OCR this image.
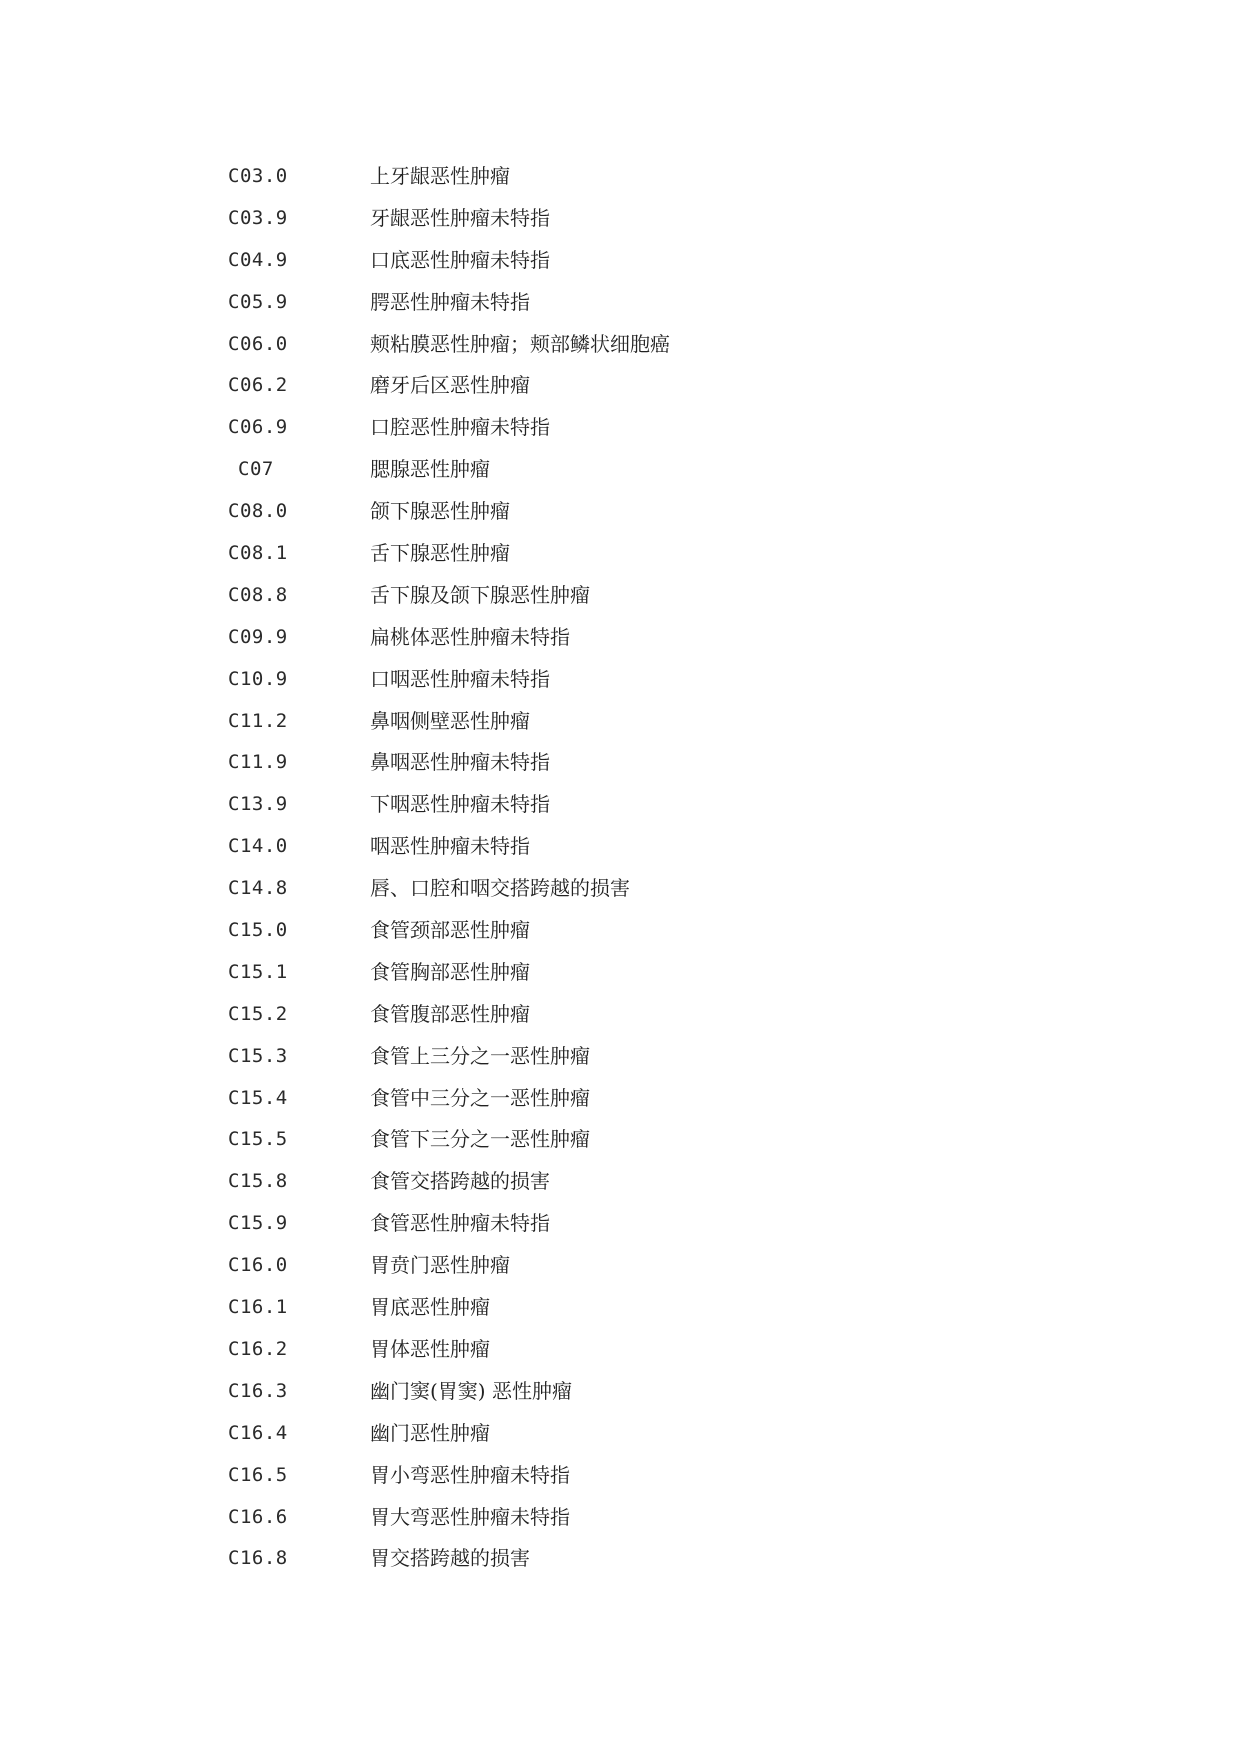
C03.0	上牙龈恶性肿瘤
C03.9	牙龈恶性肿瘤未特指
C04.9	口底恶性肿瘤未特指
C05.9	腭恶性肿瘤未特指
C06.0	颊粘膜恶性肿瘤；颊部鳞状细胞癌
C06.2	磨牙后区恶性肿瘤
C06.9	口腔恶性肿瘤未特指
C07	腮腺恶性肿瘤
C08.0	颌下腺恶性肿瘤
C08.1	舌下腺恶性肿瘤
C08.8	舌下腺及颌下腺恶性肿瘤
C09.9	扁桃体恶性肿瘤未特指
C10.9	口咽恶性肿瘤未特指
C11.2	鼻咽侧壁恶性肿瘤
C11.9	鼻咽恶性肿瘤未特指
C13.9	下咽恶性肿瘤未特指
C14.0	咽恶性肿瘤未特指
C14.8	唇、口腔和咽交搭跨越的损害
C15.0	食管颈部恶性肿瘤
C15.1	食管胸部恶性肿瘤
C15.2	食管腹部恶性肿瘤
C15.3	食管上三分之一恶性肿瘤
C15.4	食管中三分之一恶性肿瘤
C15.5	食管下三分之一恶性肿瘤
C15.8	食管交搭跨越的损害
C15.9	食管恶性肿瘤未特指
C16.0	胃贲门恶性肿瘤
C16.1	胃底恶性肿瘤
C16.2	胃体恶性肿瘤
C16.3	幽门窦(胃窦) 恶性肿瘤
C16.4	幽门恶性肿瘤
C16.5	胃小弯恶性肿瘤未特指
C16.6	胃大弯恶性肿瘤未特指
C16.8	胃交搭跨越的损害
